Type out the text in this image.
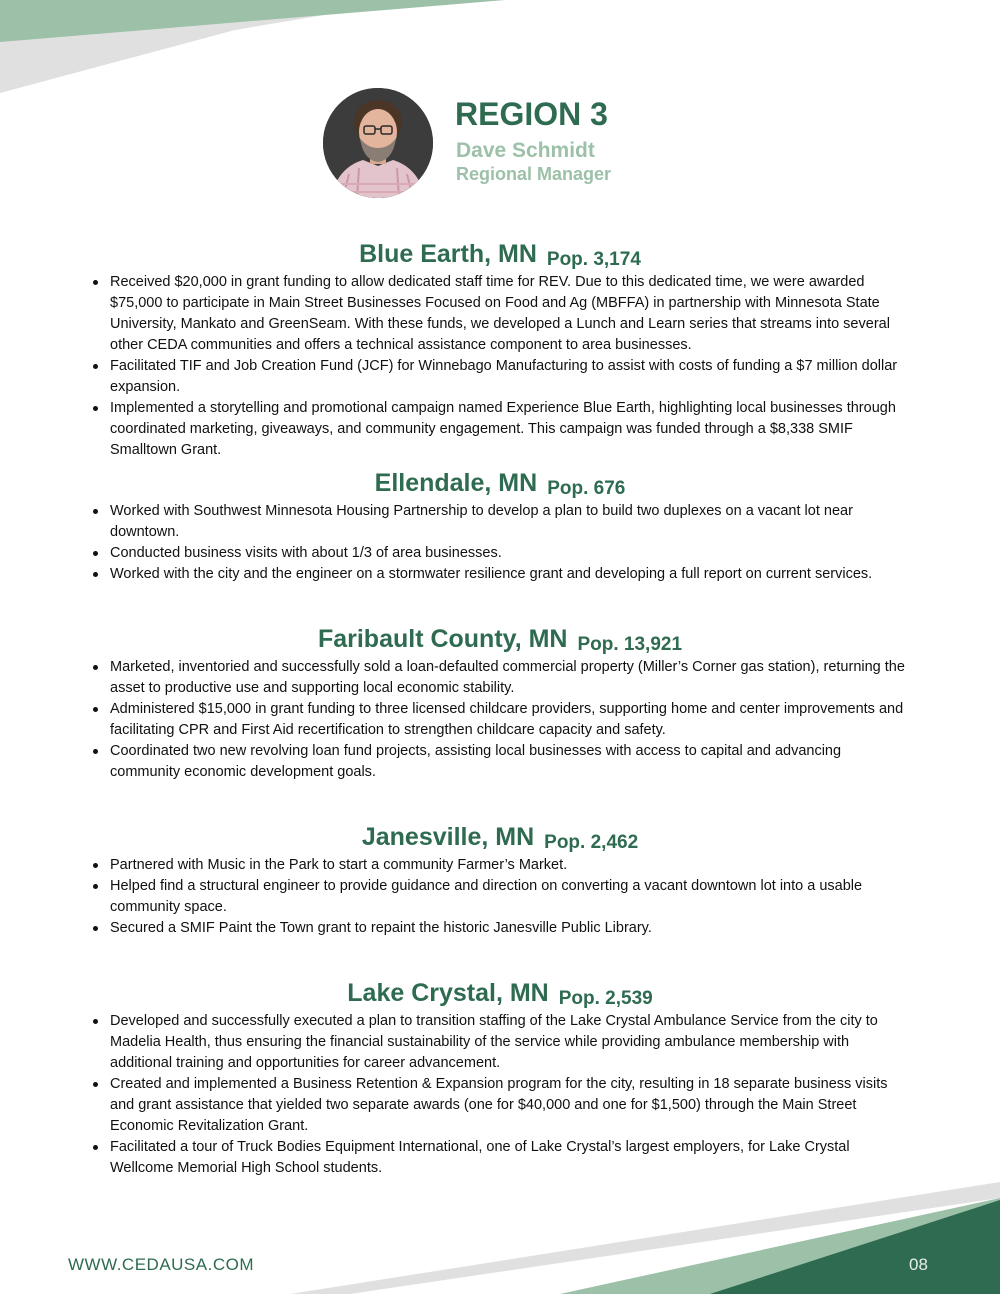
REGION 3
Dave Schmidt
Regional Manager
Blue Earth, MN Pop. 3,174
Received $20,000 in grant funding to allow dedicated staff time for REV. Due to this dedicated time, we were awarded $75,000 to participate in Main Street Businesses Focused on Food and Ag (MBFFA) in partnership with Minnesota State University, Mankato and GreenSeam. With these funds, we developed a Lunch and Learn series that streams into several other CEDA communities and offers a technical assistance component to area businesses.
Facilitated TIF and Job Creation Fund (JCF) for Winnebago Manufacturing to assist with costs of funding a $7 million dollar expansion.
Implemented a storytelling and promotional campaign named Experience Blue Earth, highlighting local businesses through coordinated marketing, giveaways, and community engagement. This campaign was funded through a $8,338 SMIF Smalltown Grant.
Ellendale, MN Pop. 676
Worked with Southwest Minnesota Housing Partnership to develop a plan to build two duplexes on a vacant lot near downtown.
Conducted business visits with about 1/3 of area businesses.
Worked with the city and the engineer on a stormwater resilience grant and developing a full report on current services.
Faribault County, MN Pop. 13,921
Marketed, inventoried and successfully sold a loan-defaulted commercial property (Miller’s Corner gas station), returning the asset to productive use and supporting local economic stability.
Administered $15,000 in grant funding to three licensed childcare providers, supporting home and center improvements and facilitating CPR and First Aid recertification to strengthen childcare capacity and safety.
Coordinated two new revolving loan fund projects, assisting local businesses with access to capital and advancing community economic development goals.
Janesville, MN Pop. 2,462
Partnered with Music in the Park to start a community Farmer’s Market.
Helped find a structural engineer to provide guidance and direction on converting a vacant downtown lot into a usable community space.
Secured a SMIF Paint the Town grant to repaint the historic Janesville Public Library.
Lake Crystal, MN Pop. 2,539
Developed and successfully executed a plan to transition staffing of the Lake Crystal Ambulance Service from the city to Madelia Health, thus ensuring the financial sustainability of the service while providing ambulance membership with additional training and opportunities for career advancement.
Created and implemented a Business Retention & Expansion program for the city, resulting in 18 separate business visits and grant assistance that yielded two separate awards (one for $40,000 and one for $1,500) through the Main Street Economic Revitalization Grant.
Facilitated a tour of Truck Bodies Equipment International, one of Lake Crystal’s largest employers, for Lake Crystal Wellcome Memorial High School students.
WWW.CEDAUSA.COM	08
